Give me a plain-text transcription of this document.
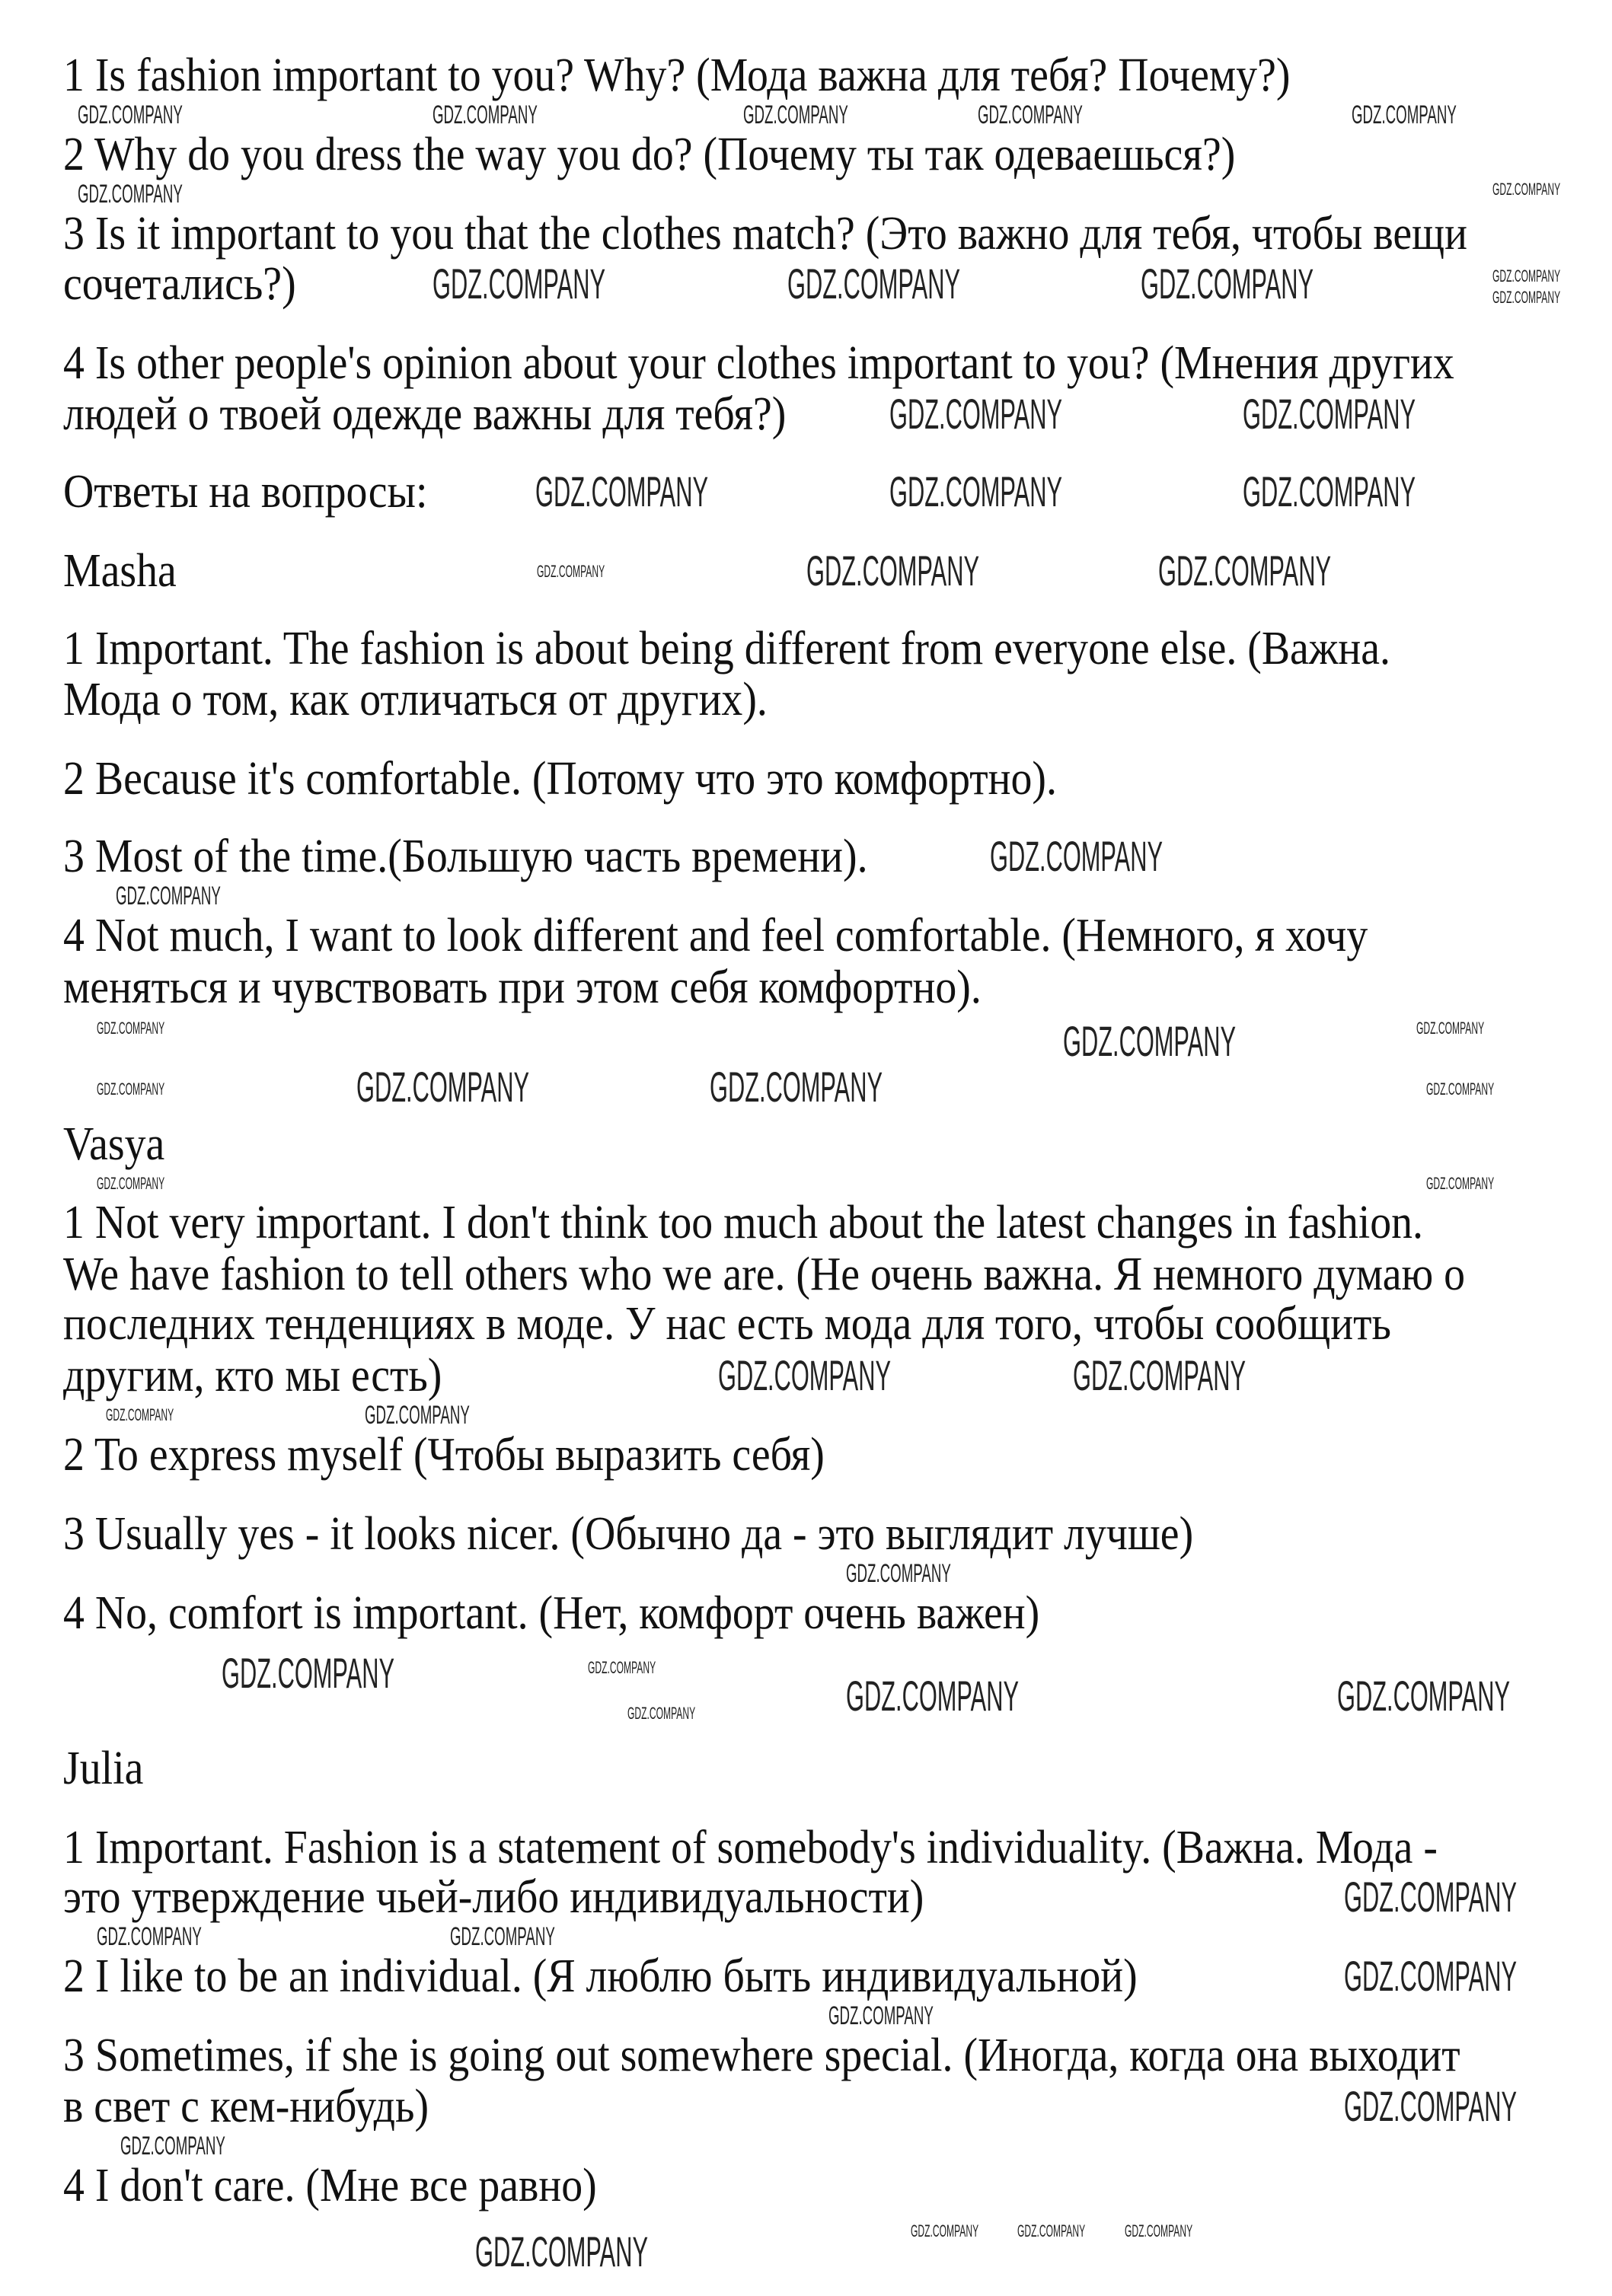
1 Is fashion important to you? Why? (Мода важна для тебя? Почему?)
2 Why do you dress the way you do? (Почему ты так одеваешься?)
3 Is it important to you that the clothes match? (Это важно для тебя, чтобы вещи
сочетались?)
4 Is other people's opinion about your clothes important to you? (Мнения других
людей о твоей одежде важны для тебя?)
Ответы на вопросы:
Masha
1 Important. The fashion is about being different from everyone else. (Важна.
Мода о том, как отличаться от других).
2 Because it's comfortable. (Потому что это комфортно).
3 Most of the time.(Большую часть времени).
4 Not much, I want to look different and feel comfortable. (Немного, я хочу
меняться и чувствовать при этом себя комфортно).
Vasya
1 Not very important. I don't think too much about the latest changes in fashion.
We have fashion to tell others who we are. (Не очень важна. Я немного думаю о
последних тенденциях в моде. У нас есть мода для того, чтобы сообщить
другим, кто мы есть)
2 To express myself (Чтобы выразить себя)
3 Usually yes - it looks nicer. (Обычно да - это выглядит лучше)
4 No, comfort is important. (Нет, комфорт очень важен)
Julia
1 Important. Fashion is a statement of somebody's individuality. (Важна. Мода -
это утверждение чьей-либо индивидуальности)
2 I like to be an individual. (Я люблю быть индивидуальной)
3 Sometimes, if she is going out somewhere special. (Иногда, когда она выходит
в свет с кем-нибудь)
4 I don't care. (Мне все равно)
GDZ.COMPANY	GDZ.COMPANY	GDZ.COMPANY	GDZ.COMPANY	GDZ.COMPANY
GDZ.COMPANY	GDZ.COMPANY
GDZ.COMPANY	GDZ.COMPANY	GDZ.COMPANY	GDZ.COMPANY
GDZ.COMPANY
GDZ.COMPANY	GDZ.COMPANY
GDZ.COMPANY	GDZ.COMPANY	GDZ.COMPANY
GDZ.COMPANY	GDZ.COMPANY
GDZ.COMPANY
GDZ.COMPANY
GDZ.COMPANY
GDZ.COMPANY	GDZ.COMPANY	GDZ.COMPANY
GDZ.COMPANY
GDZ.COMPANY
GDZ.COMPANY	GDZ.COMPANY
GDZ.COMPANY	GDZ.COMPANY
GDZ.COMPANY	GDZ.COMPANY
GDZ.COMPANY	GDZ.COMPANY
GDZ.COMPANY
GDZ.COMPANY	GDZ.COMPANY
GDZ.COMPANY	GDZ.COMPANY	GDZ.COMPANY
GDZ.COMPANY
GDZ.COMPANY	GDZ.COMPANY
GDZ.COMPANY
GDZ.COMPANY
GDZ.COMPANY
GDZ.COMPANY
GDZ.COMPANY GDZ.COMPANY GDZ.COMPANY
GDZ.COMPANY
